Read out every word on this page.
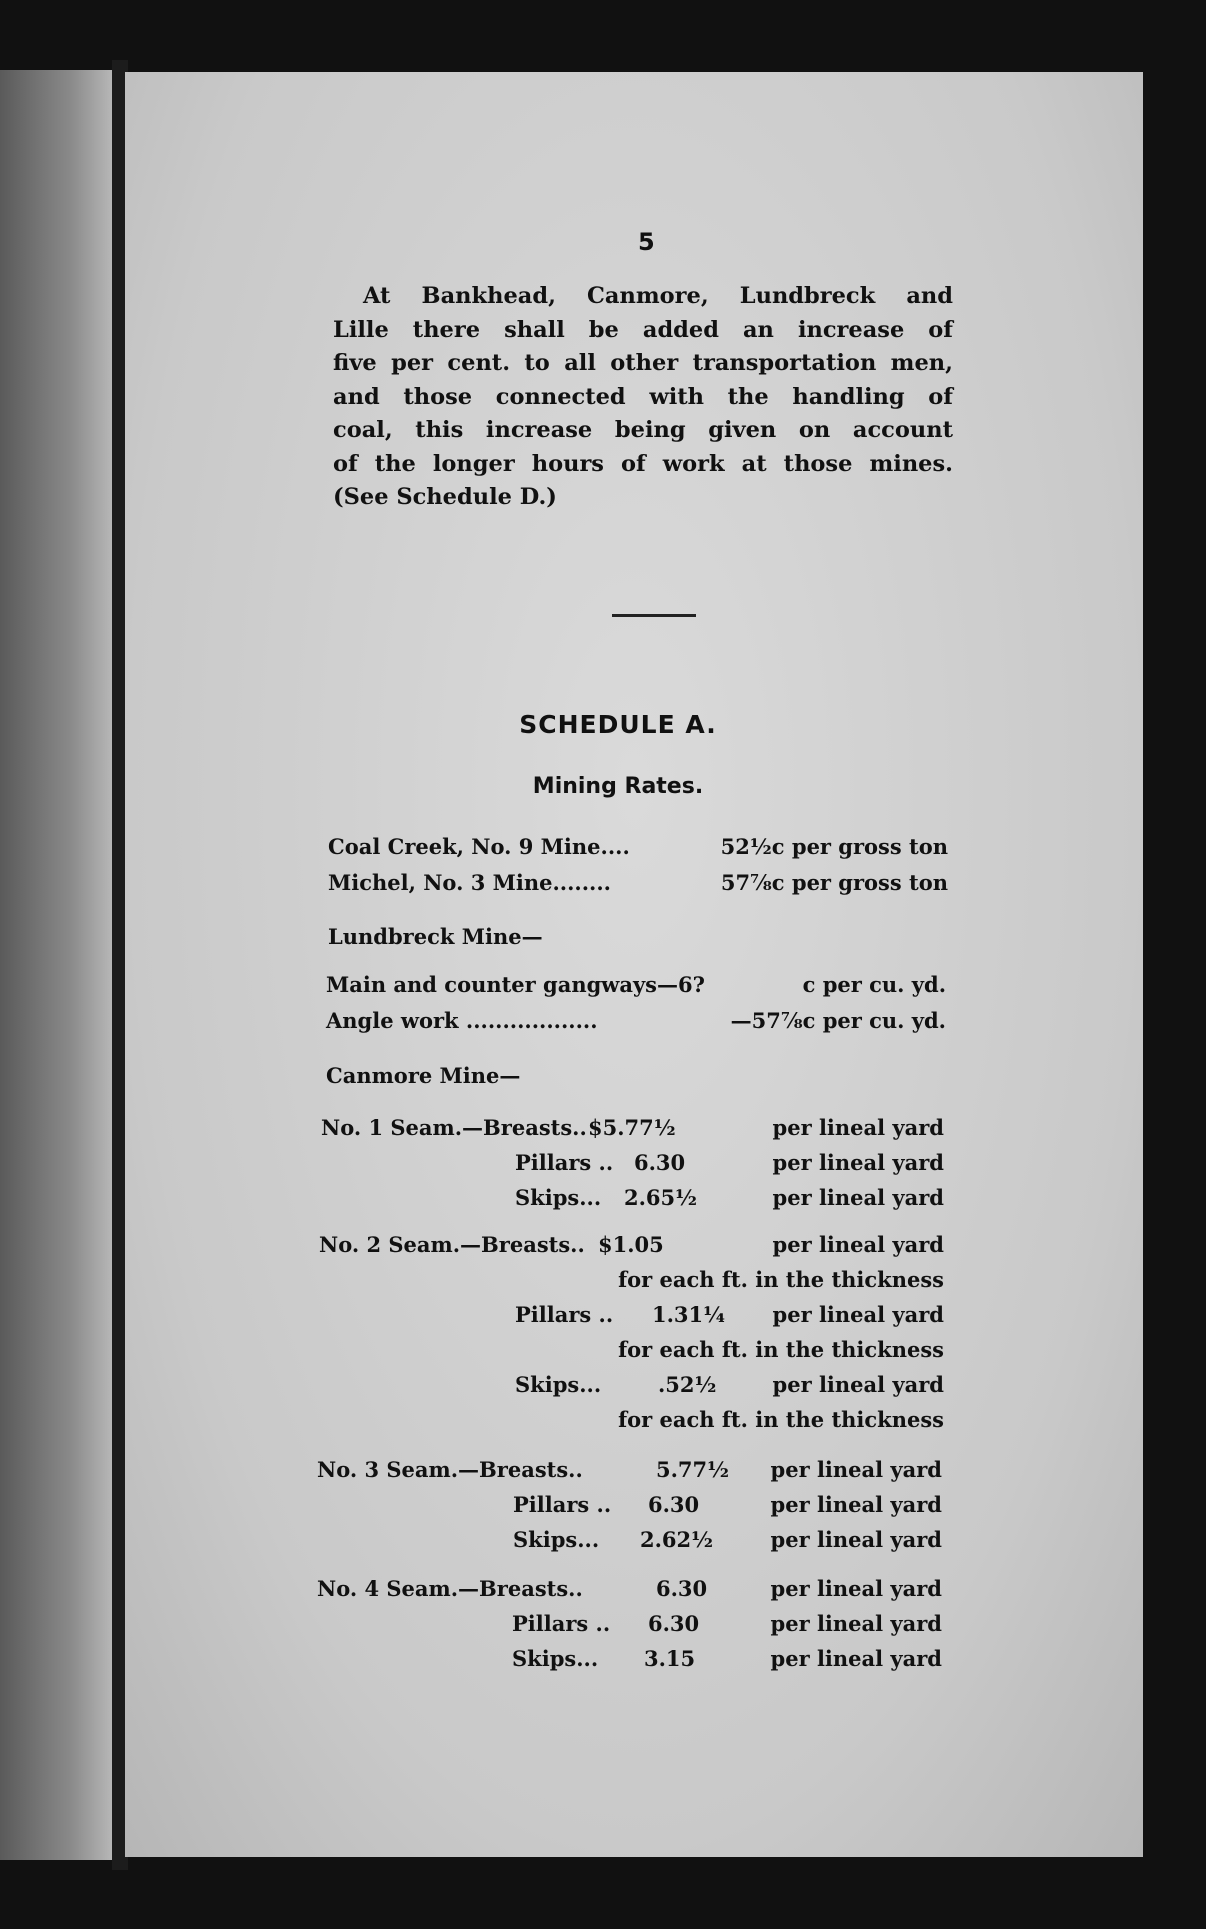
5

At Bankhead, Canmore, Lundbreck and
Lille there shall be added an increase of
five per cent. to all other transportation men,
and those connected with the handling of
coal, this increase being given on account
of the longer hours of work at those mines.
(See Schedule D.)

SCHEDULE A.
Mining Rates.
Coal Creek, No. 9 Mine....	52½c per gross ton
Michel, No. 3 Mine........	57⅞c per gross ton
Lundbreck Mine—
Main and counter gangways—6?	c per cu. yd.
Angle work ..................	—57⅞c per cu. yd.
Canmore Mine—
No. 1 Seam.—Breasts.. $5.77½	per lineal yard
Pillars .. 6.30	per lineal yard
Skips... 2.65½	per lineal yard
No. 2 Seam.—Breasts.. $1.05	per lineal yard
for each ft. in the thickness
Pillars .. 1.31¼ per lineal yard
for each ft. in the thickness
Skips...	.52½	per lineal yard
for each ft. in the thickness
No. 3 Seam.—Breasts..	5.77½ per lineal yard
Pillars .. 6.30	per lineal yard
Skips... 2.62½	per lineal yard
No. 4 Seam.—Breasts..	6.30	per lineal yard
Pillars .. 6.30	per lineal yard
Skips... 3.15	per lineal yard
